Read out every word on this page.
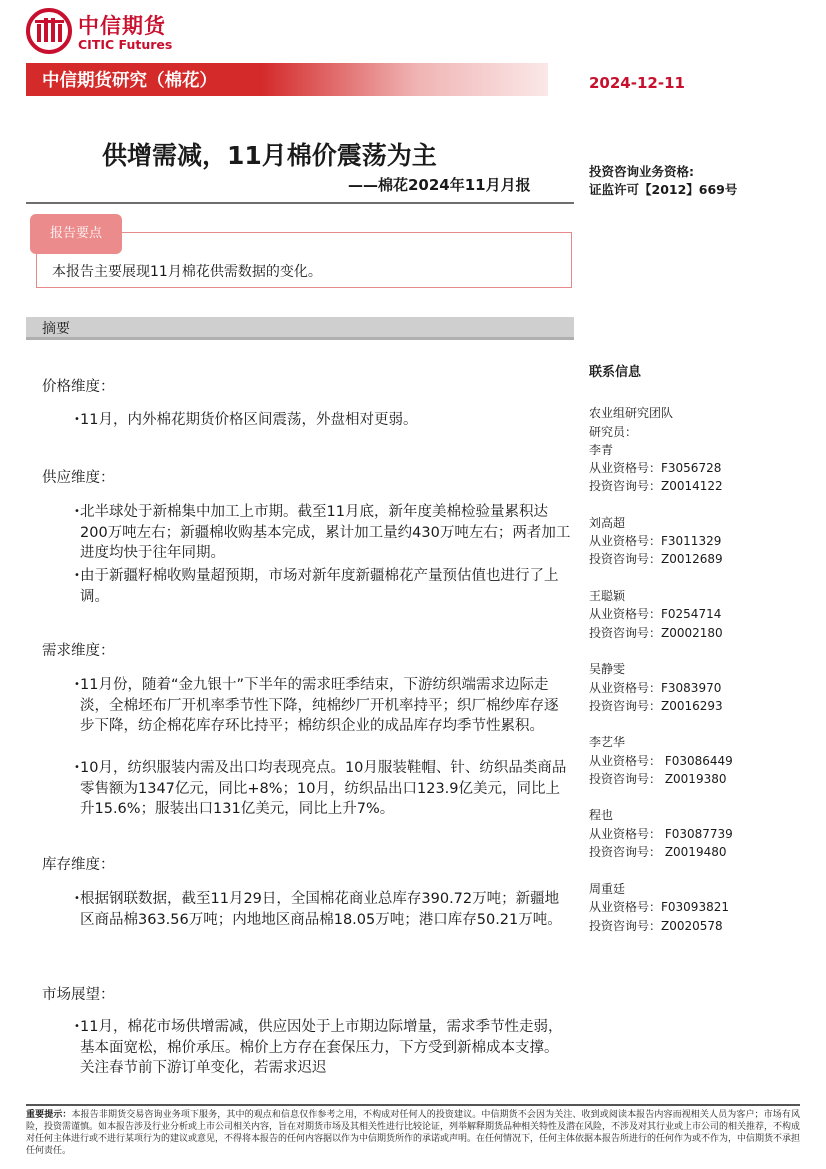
中信期货
CITIC Futures
中信期货研究（棉花）	2024-12-11
供增需减，11月棉价震荡为主
——棉花2024年11月月报
投资咨询业务资格:
证监许可【2012】669号
报告要点
本报告主要展现11月棉花供需数据的变化。
摘要
价格维度：
• 11月，内外棉花期货价格区间震荡，外盘相对更弱。

供应维度：
• 北半球处于新棉集中加工上市期。截至11月底，新年度美棉检验量累积达200万吨左右；新疆棉收购基本完成，累计加工量约430万吨左右；两者加工进度均快于往年同期。

• 由于新疆籽棉收购量超预期，市场对新年度新疆棉花产量预估值也进行了上调。

需求维度：
• 11月份，随着“金九银十”下半年的需求旺季结束，下游纺织端需求边际走淡，全棉坯布厂开机率季节性下降，纯棉纱厂开机率持平；织厂棉纱库存逐步下降，纺企棉花库存环比持平；棉纺织企业的成品库存均季节性累积。

• 10月，纺织服装内需及出口均表现亮点。10月服装鞋帽、针、纺织品类商品零售额为1347亿元，同比+8%；10月，纺织品出口123.9亿美元，同比上升15.6%；服装出口131亿美元，同比上升7%。

库存维度：
• 根据钢联数据，截至11月29日，全国棉花商业总库存390.72万吨；新疆地区商品棉363.56万吨；内地地区商品棉18.05万吨；港口库存50.21万吨。

市场展望：
• 11月，棉花市场供增需减，供应因处于上市期边际增量，需求季节性走弱，基本面宽松，棉价承压。棉价上方存在套保压力，下方受到新棉成本支撑。关注春节前下游订单变化，若需求迟迟

联系信息
农业组研究团队
研究员：
李青
从业资格号：F3056728
投资咨询号：Z0014122
刘高超
从业资格号：F3011329
投资咨询号：Z0012689
王聪颖
从业资格号：F0254714
投资咨询号：Z0002180
吴静雯
从业资格号：F3083970
投资咨询号：Z0016293
李艺华
从业资格号： F03086449
投资咨询号： Z0019380
程也
从业资格号： F03087739
投资咨询号： Z0019480
周重廷
从业资格号：F03093821
投资咨询号：Z0020578
重要提示：本报告非期货交易咨询业务项下服务，其中的观点和信息仅作参考之用，不构成对任何人的投资建议。中信期货不会因为关注、收到或阅读本报告内容而视相关人员为客户；市场有风险，投资需谨慎。如本报告涉及行业分析或上市公司相关内容，旨在对期货市场及其相关性进行比较论证，列举解释期货品种相关特性及潜在风险，不涉及对其行业或上市公司的相关推荐，不构成对任何主体进行或不进行某项行为的建议或意见，不得将本报告的任何内容据以作为中信期货所作的承诺或声明。在任何情况下，任何主体依据本报告所进行的任何作为或不作为，中信期货不承担任何责任。
